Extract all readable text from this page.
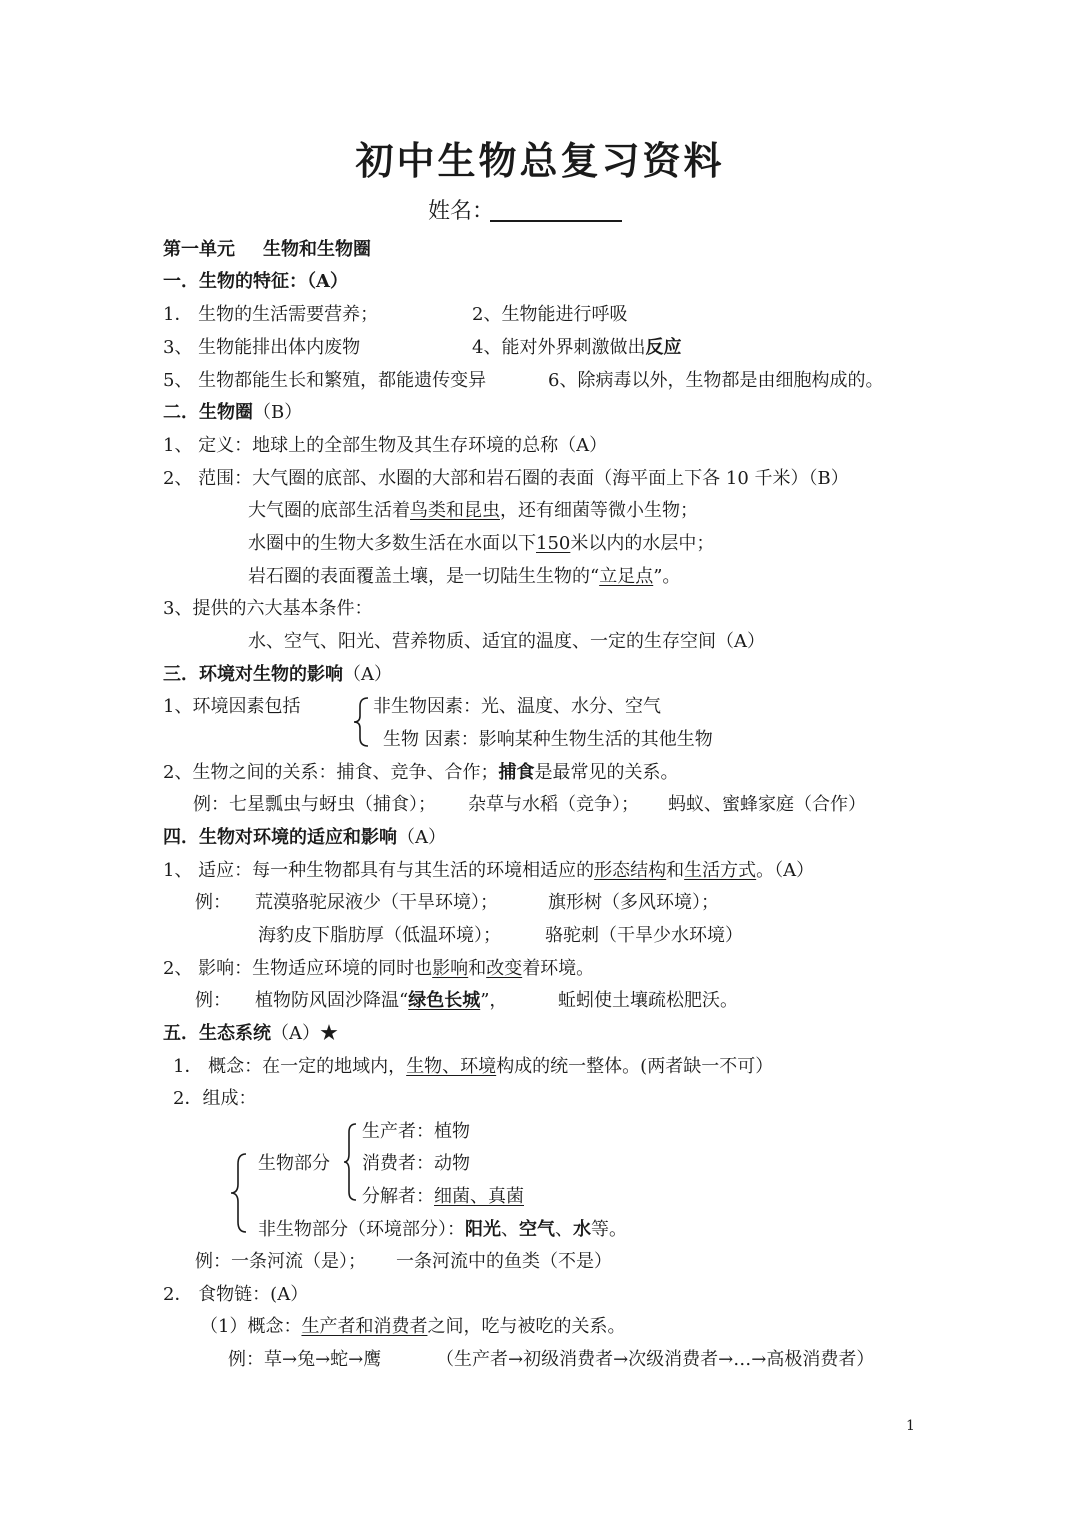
初中生物总复习资料
姓名：
第一单元 生物和生物圈
一．生物的特征：（A）
1． 生物的生活需要营养；	2、生物能进行呼吸
3、 生物能排出体内废物	4、能对外界刺激做出反应
5、 生物都能生长和繁殖，都能遗传变异	6、除病毒以外，生物都是由细胞构成的。
二．生物圈（B）
1、 定义：地球上的全部生物及其生存环境的总称（A）
2、 范围：大气圈的底部、水圈的大部和岩石圈的表面（海平面上下各 10 千米）（B）
大气圈的底部生活着鸟类和昆虫，还有细菌等微小生物；
水圈中的生物大多数生活在水面以下150米以内的水层中；
岩石圈的表面覆盖土壤，是一切陆生生物的“立足点”。
3、提供的六大基本条件：
水、空气、阳光、营养物质、适宜的温度、一定的生存空间（A）
三．环境对生物的影响（A）
1、环境因素包括	非生物因素：光、温度、水分、空气
生物 因素：影响某种生物生活的其他生物
2、生物之间的关系：捕食、竞争、合作；捕食是最常见的关系。
例：七星瓢虫与蚜虫（捕食）； 杂草与水稻（竞争）； 蚂蚁、蜜蜂家庭（合作）
四．生物对环境的适应和影响（A）
1、 适应：每一种生物都具有与其生活的环境相适应的形态结构和生活方式。（A）
例： 荒漠骆驼尿液少（干旱环境）；	旗形树（多风环境）；
海豹皮下脂肪厚（低温环境）； 骆驼刺（干旱少水环境）
2、 影响：生物适应环境的同时也影响和改变着环境。
例： 植物防风固沙降温“绿色长城”，	蚯蚓使土壤疏松肥沃。
五．生态系统（A）★
1． 概念：在一定的地域内，生物、环境构成的统一整体。(两者缺一不可）
2．组成：
生物部分
生产者：植物
消费者：动物
分解者：细菌、真菌
非生物部分（环境部分）：阳光、空气、水等。
例：一条河流（是）； 一条河流中的鱼类（不是）
2． 食物链：(A）
（1）概念：生产者和消费者之间，吃与被吃的关系。
例：草→兔→蛇→鹰	（生产者→初级消费者→次级消费者→…→高极消费者）
1
